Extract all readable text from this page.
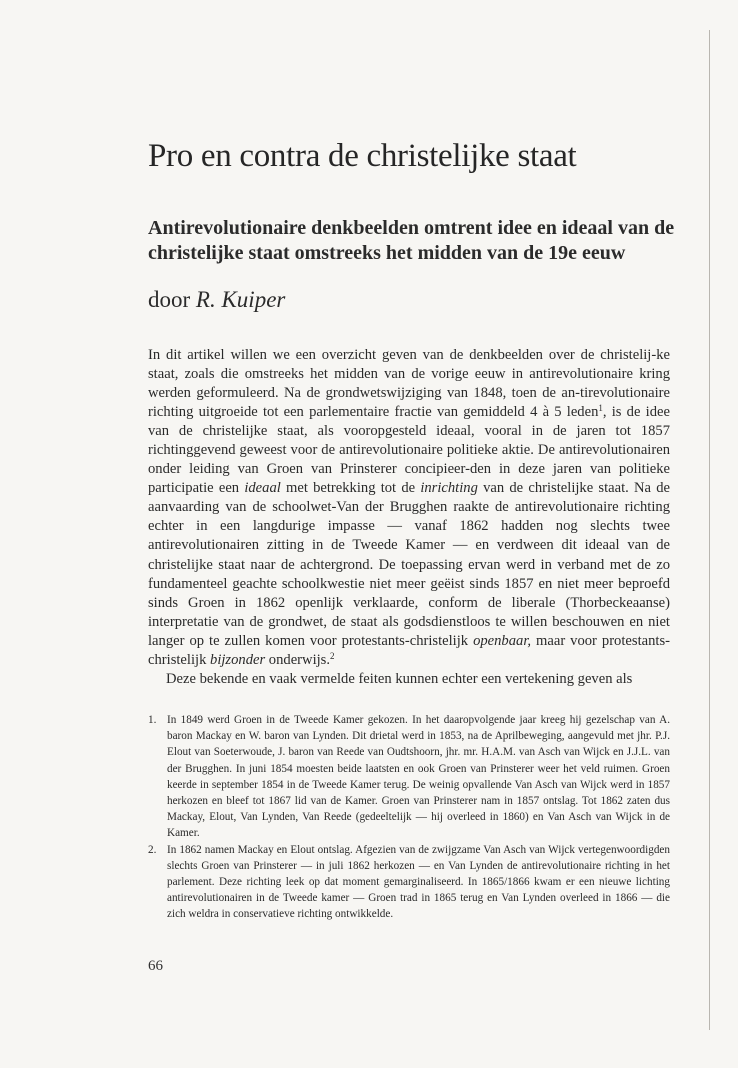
Pro en contra de christelijke staat
Antirevolutionaire denkbeelden omtrent idee en ideaal van de christelijke staat omstreeks het midden van de 19e eeuw
door R. Kuiper

In dit artikel willen we een overzicht geven van de denkbeelden over de christelij-ke staat, zoals die omstreeks het midden van de vorige eeuw in antirevolutionaire kring werden geformuleerd. Na de grondwetswijziging van 1848, toen de an-tirevolutionaire richting uitgroeide tot een parlementaire fractie van gemiddeld 4 à 5 leden$^1$, is de idee van de christelijke staat, als vooropgesteld ideaal, vooral in de jaren tot 1857 richtinggevend geweest voor de antirevolutionaire politieke aktie. De antirevolutionairen onder leiding van Groen van Prinsterer concipieer-den in deze jaren van politieke participatie een ideaal met betrekking tot de inrichting van de christelijke staat. Na de aanvaarding van de schoolwet-Van der Brugghen raakte de antirevolutionaire richting echter in een langdurige impasse — vanaf 1862 hadden nog slechts twee antirevolutionairen zitting in de Tweede Kamer — en verdween dit ideaal van de christelijke staat naar de achtergrond. De toepassing ervan werd in verband met de zo fundamenteel geachte schoolkwestie niet meer geëist sinds 1857 en niet meer beproefd sinds Groen in 1862 openlijk verklaarde, conform de liberale (Thorbeckeaanse) interpretatie van de grondwet, de staat als godsdienstloos te willen beschouwen en niet langer op te zullen komen voor protestants-christelijk openbaar, maar voor protestants-christelijk bijzonder onderwijs.$^2$

Deze bekende en vaak vermelde feiten kunnen echter een vertekening geven als

1. In 1849 werd Groen in de Tweede Kamer gekozen. In het daaropvolgende jaar kreeg hij gezelschap van A. baron Mackay en W. baron van Lynden. Dit drietal werd in 1853, na de Aprilbeweging, aangevuld met jhr. P.J. Elout van Soeterwoude, J. baron van Reede van Oudtshoorn, jhr. mr. H.A.M. van Asch van Wijck en J.J.L. van der Brugghen. In juni 1854 moesten beide laatsten en ook Groen van Prinsterer weer het veld ruimen. Groen keerde in september 1854 in de Tweede Kamer terug. De weinig opvallende Van Asch van Wijck werd in 1857 herkozen en bleef tot 1867 lid van de Kamer. Groen van Prinsterer nam in 1857 ontslag. Tot 1862 zaten dus Mackay, Elout, Van Lynden, Van Reede (gedeeltelijk — hij overleed in 1860) en Van Asch van Wijck in de Kamer.
2. In 1862 namen Mackay en Elout ontslag. Afgezien van de zwijgzame Van Asch van Wijck vertegenwoordigden slechts Groen van Prinsterer — in juli 1862 herkozen — en Van Lynden de antirevolutionaire richting in het parlement. Deze richting leek op dat moment gemarginaliseerd. In 1865/1866 kwam er een nieuwe lichting antirevolutionairen in de Tweede kamer — Groen trad in 1865 terug en Van Lynden overleed in 1866 — die zich weldra in conservatieve richting ontwikkelde.
66
